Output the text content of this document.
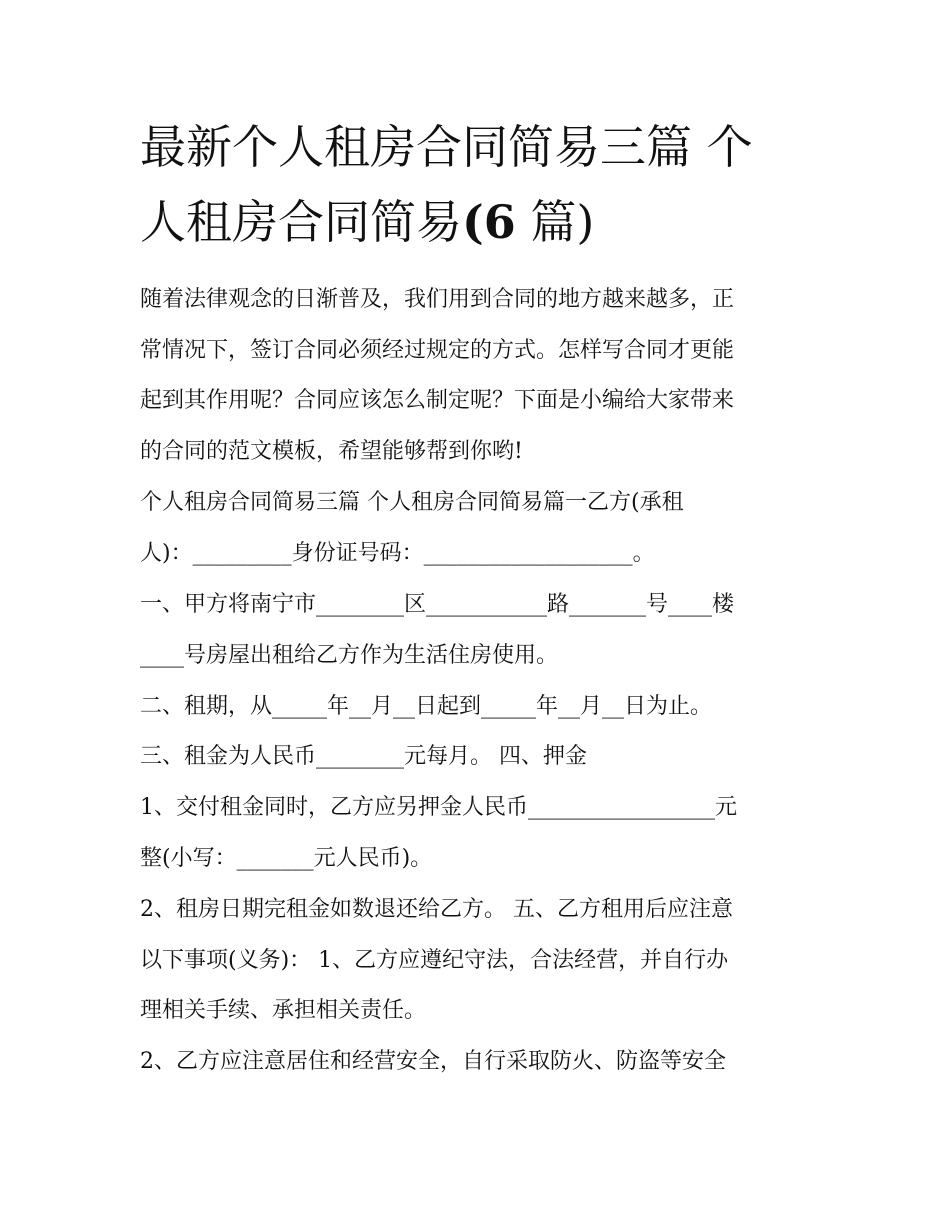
最新个人租房合同简易三篇 个
人租房合同简易(6 篇)
随着法律观念的日渐普及，我们用到合同的地方越来越多，正
常情况下，签订合同必须经过规定的方式。怎样写合同才更能
起到其作用呢？合同应该怎么制定呢？下面是小编给大家带来
的合同的范文模板，希望能够帮到你哟!
个人租房合同简易三篇 个人租房合同简易篇一乙方(承租
人)：_________身份证号码：___________________。
一、甲方将南宁市________区___________路_______号____楼
____号房屋出租给乙方作为生活住房使用。
二、租期，从_____年__月__日起到_____年__月__日为止。
三、租金为人民币________元每月。 四、押金
1、交付租金同时，乙方应另押金人民币_________________元
整(小写：_______元人民币)。
2、租房日期完租金如数退还给乙方。 五、乙方租用后应注意
以下事项(义务)： 1、乙方应遵纪守法，合法经营，并自行办
理相关手续、承担相关责任。
2、乙方应注意居住和经营安全，自行采取防火、防盗等安全
